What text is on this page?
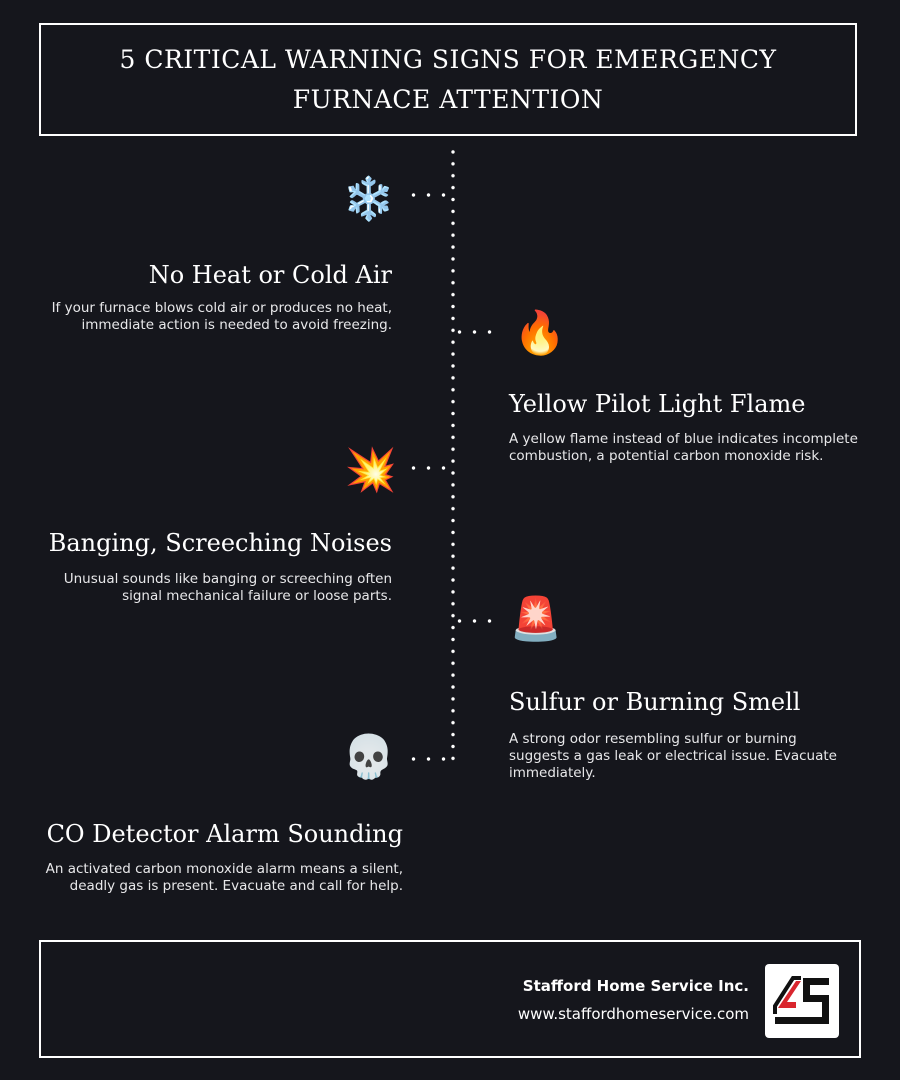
5 CRITICAL WARNING SIGNS FOR EMERGENCY FURNACE ATTENTION
❄️
No Heat or Cold Air
If your furnace blows cold air or produces no heat, immediate action is needed to avoid freezing.	🔥
Yellow Pilot Light Flame
A yellow flame instead of blue indicates incomplete combustion, a potential carbon monoxide risk.
💥
Banging, Screeching Noises
Unusual sounds like banging or screeching often signal mechanical failure or loose parts.	🚨
Sulfur or Burning Smell
A strong odor resembling sulfur or burning suggests a gas leak or electrical issue. Evacuate immediately.
💀
CO Detector Alarm Sounding
An activated carbon monoxide alarm means a silent, deadly gas is present. Evacuate and call for help.
Stafford Home Service Inc.
www.staffordhomeservice.com
